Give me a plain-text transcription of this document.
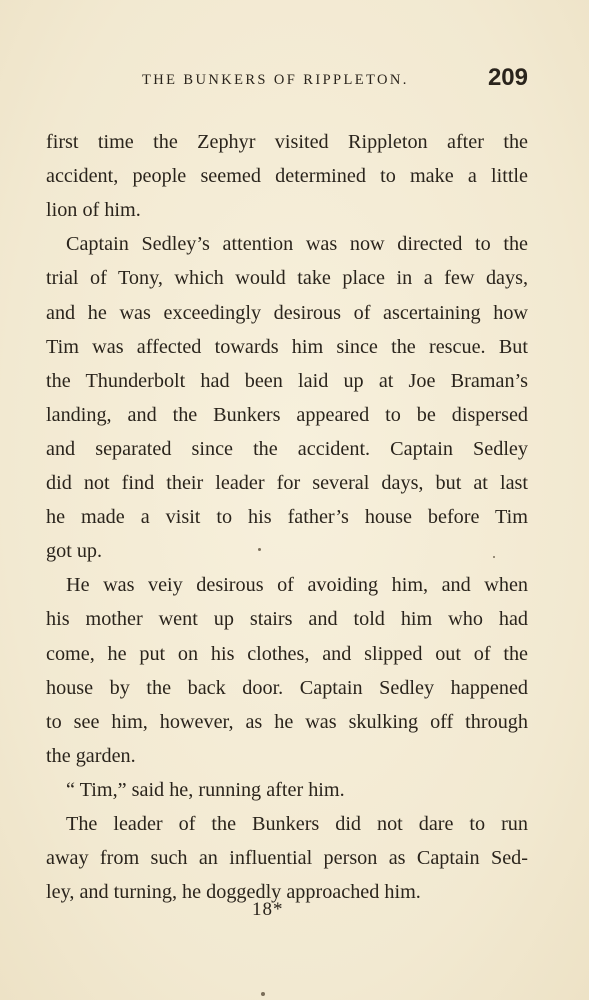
THE BUNKERS OF RIPPLETON.	209
first time the Zephyr visited Rippleton after the
accident, people seemed determined to make a little
lion of him.
Captain Sedley’s attention was now directed to the
trial of Tony, which would take place in a few days,
and he was exceedingly desirous of ascertaining how
Tim was affected towards him since the rescue. But
the Thunderbolt had been laid up at Joe Braman’s
landing, and the Bunkers appeared to be dispersed
and separated since the accident. Captain Sedley
did not find their leader for several days, but at last
he made a visit to his father’s house before Tim
got up.
He was veiy desirous of avoiding him, and when
his mother went up stairs and told him who had
come, he put on his clothes, and slipped out of the
house by the back door. Captain Sedley happened
to see him, however, as he was skulking off through
the garden.
“ Tim,” said he, running after him.
The leader of the Bunkers did not dare to run
away from such an influential person as Captain Sed-
ley, and turning, he doggedly approached him.
18*
